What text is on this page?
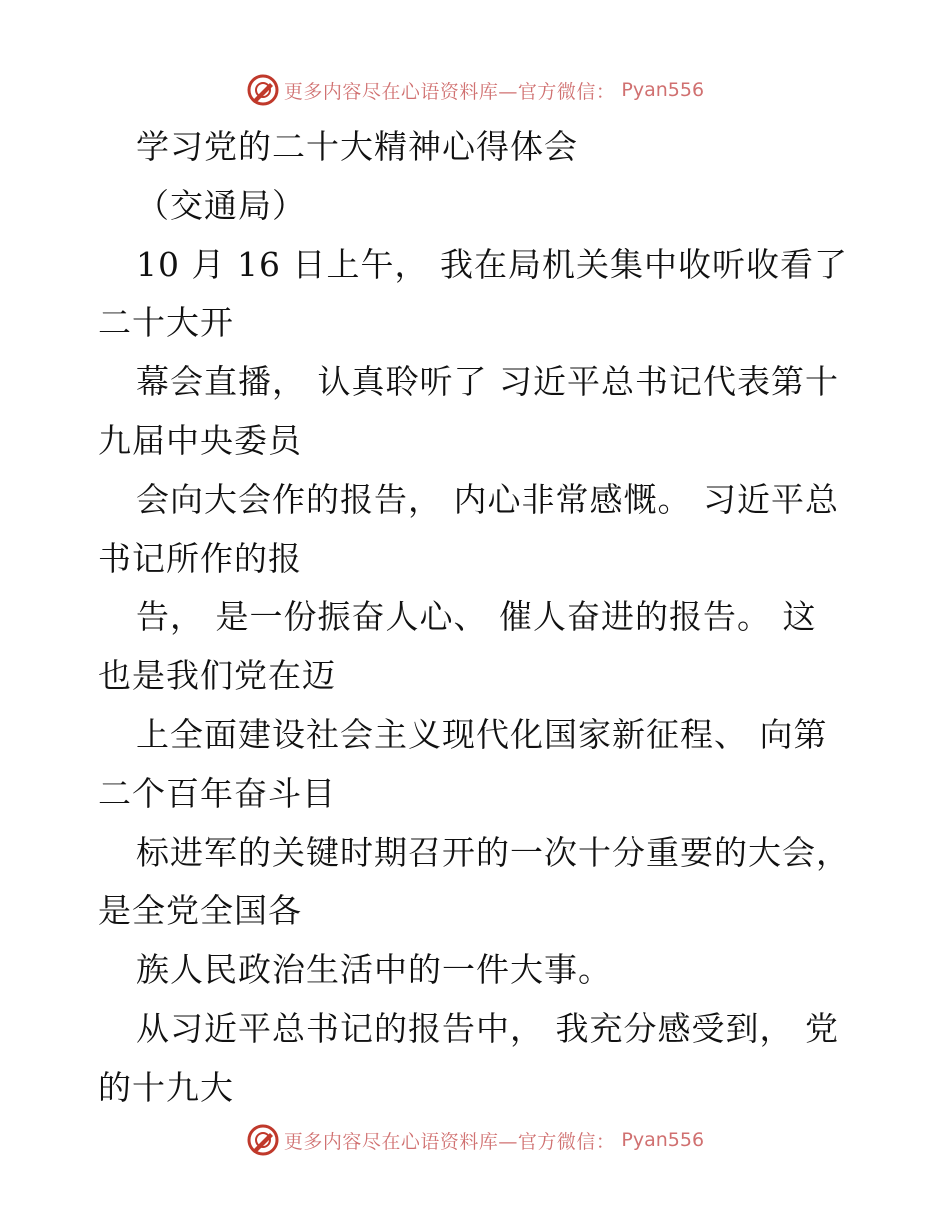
更多内容尽在心语资料库—官方微信： Pyan556
学习党的二十大精神心得体会
（交通局）
10 月 16 日上午， 我在局机关集中收听收看了
二十大开
幕会直播， 认真聆听了 习近平总书记代表第十
九届中央委员
会向大会作的报告， 内心非常感慨。 习近平总
书记所作的报
告， 是一份振奋人心、 催人奋进的报告。 这
也是我们党在迈
上全面建设社会主义现代化国家新征程、 向第
二个百年奋斗目
标进军的关键时期召开的一次十分重要的大会，
是全党全国各
族人民政治生活中的一件大事。
从习近平总书记的报告中， 我充分感受到， 党
的十九大
更多内容尽在心语资料库—官方微信： Pyan556
